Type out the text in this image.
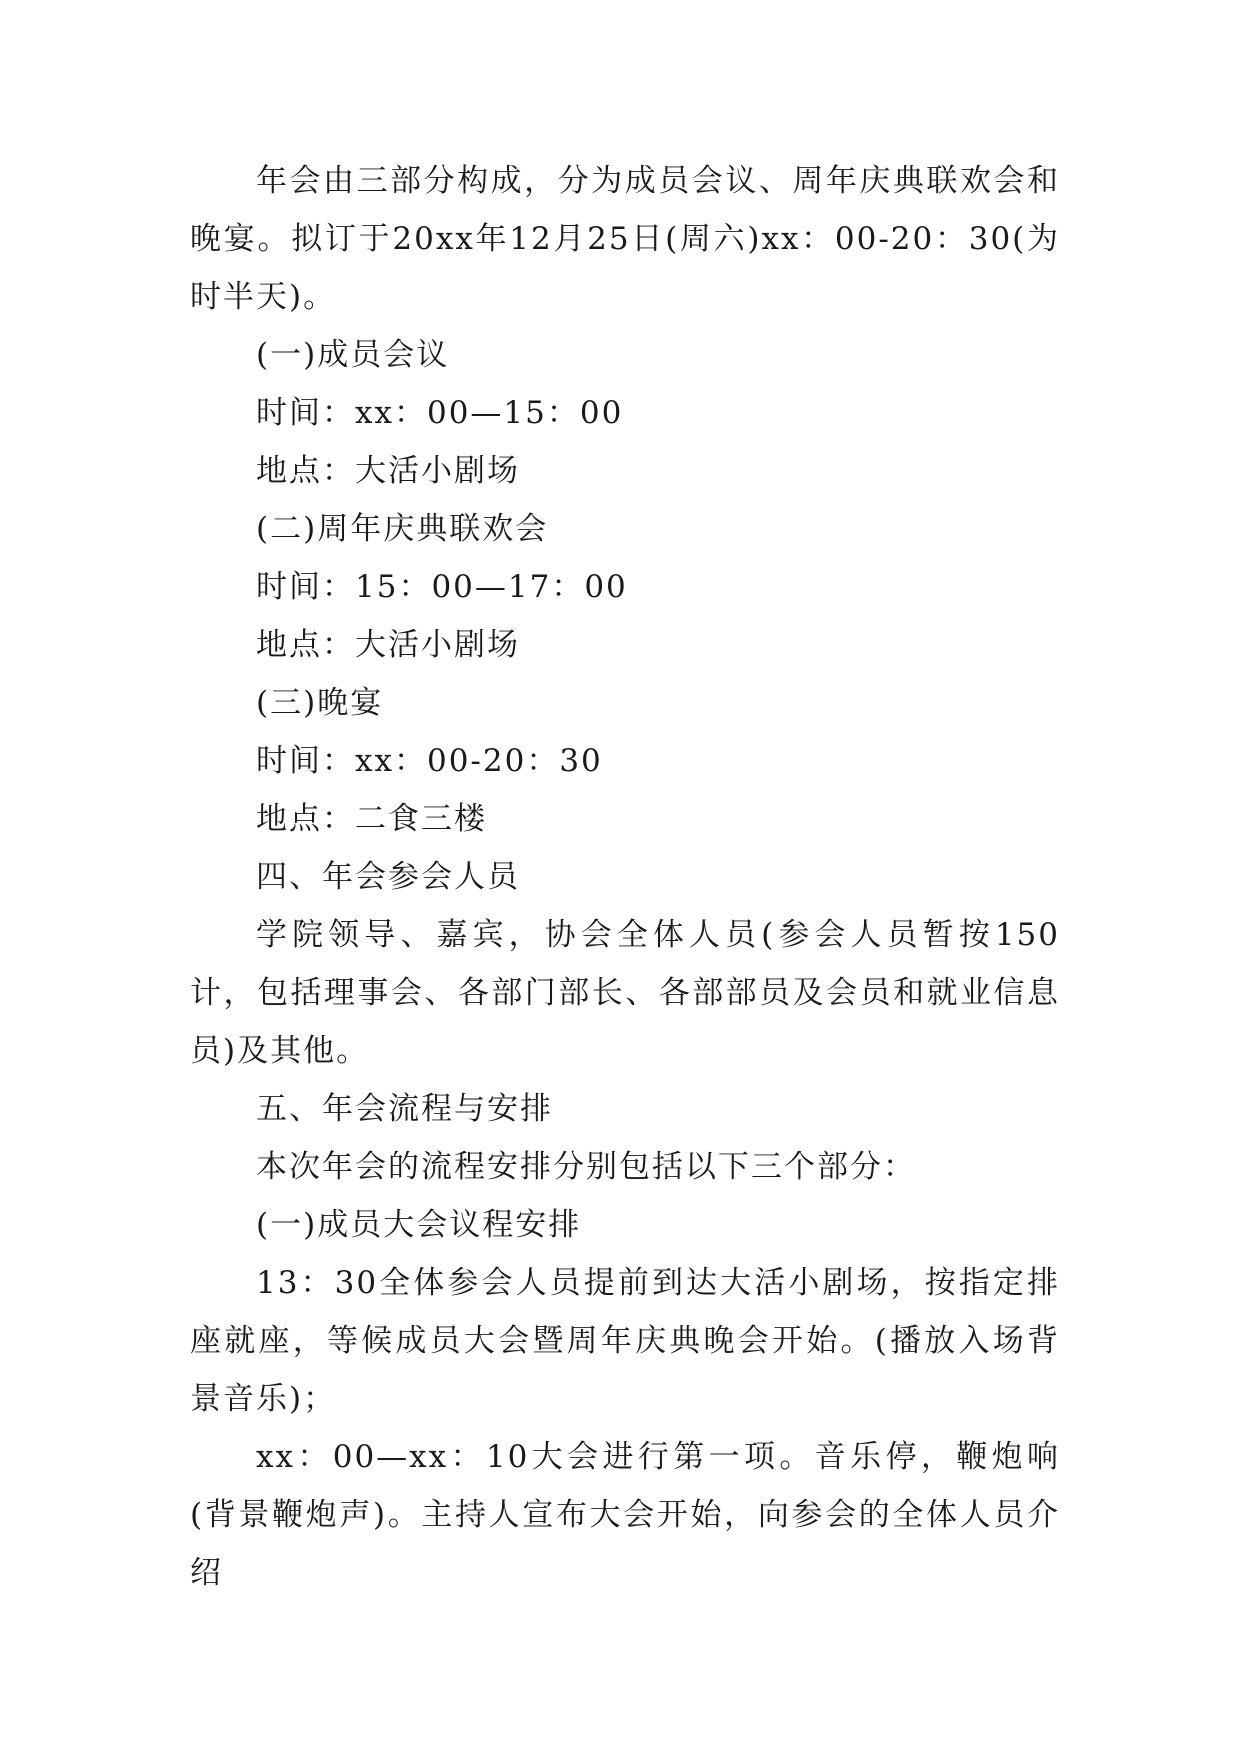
年会由三部分构成，分为成员会议、周年庆典联欢会和晚宴。拟订于20xx年12月25日(周六)xx：00-20：30(为时半天)。

(一)成员会议

时间：xx：00—15：00

地点：大活小剧场

(二)周年庆典联欢会

时间：15：00—17：00

地点：大活小剧场

(三)晚宴

时间：xx：00-20：30

地点：二食三楼

四、年会参会人员

学院领导、嘉宾，协会全体人员(参会人员暂按150计，包括理事会、各部门部长、各部部员及会员和就业信息员)及其他。

五、年会流程与安排

本次年会的流程安排分别包括以下三个部分：

(一)成员大会议程安排

13：30全体参会人员提前到达大活小剧场，按指定排座就座，等候成员大会暨周年庆典晚会开始。(播放入场背景音乐)；

xx：00—xx：10大会进行第一项。音乐停，鞭炮响(背景鞭炮声)。主持人宣布大会开始，向参会的全体人员介绍
